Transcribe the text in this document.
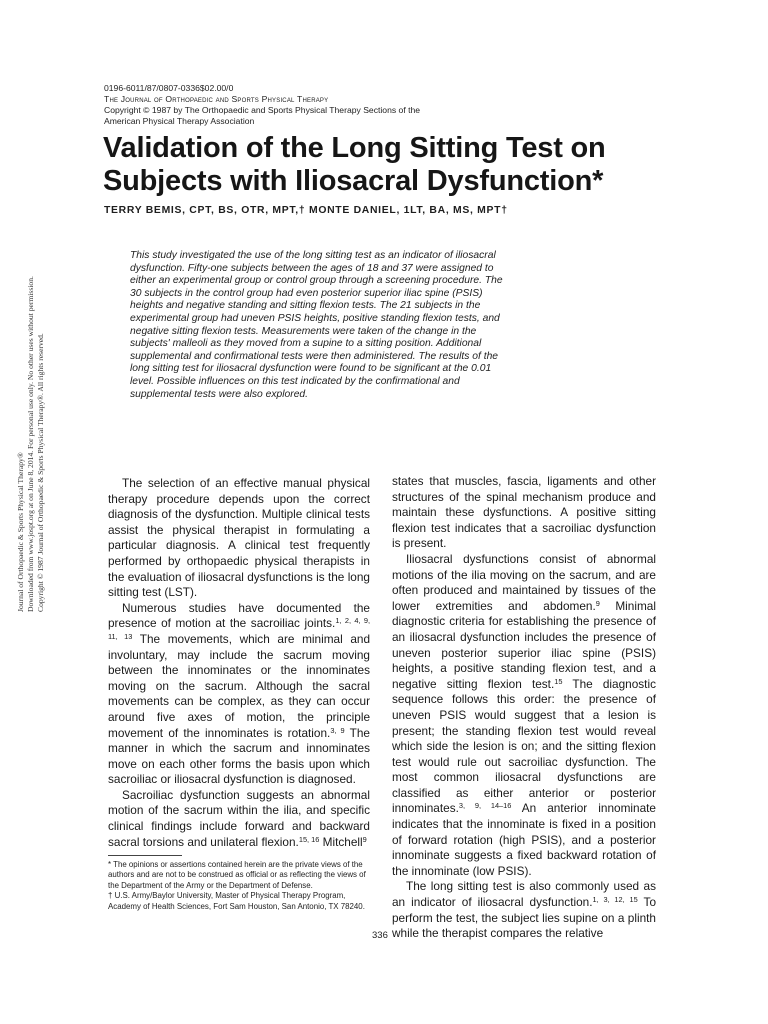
Journal of Orthopaedic & Sports Physical Therapy® Downloaded from www.jospt.org at on June 8, 2014. For personal use only. No other uses without permission. Copyright © 1987 Journal of Orthopaedic & Sports Physical Therapy®. All rights reserved.
0196-6011/87/0807-0336$02.00/0
The Journal of Orthopaedic and Sports Physical Therapy
Copyright © 1987 by The Orthopaedic and Sports Physical Therapy Sections of the
American Physical Therapy Association
Validation of the Long Sitting Test on
Subjects with Iliosacral Dysfunction*
TERRY BEMIS, CPT, BS, OTR, MPT,† MONTE DANIEL, 1LT, BA, MS, MPT†
This study investigated the use of the long sitting test as an indicator of iliosacral dysfunction. Fifty-one subjects between the ages of 18 and 37 were assigned to either an experimental group or control group through a screening procedure. The 30 subjects in the control group had even posterior superior iliac spine (PSIS) heights and negative standing and sitting flexion tests. The 21 subjects in the experimental group had uneven PSIS heights, positive standing flexion tests, and negative sitting flexion tests. Measurements were taken of the change in the subjects' malleoli as they moved from a supine to a sitting position. Additional supplemental and confirmational tests were then administered. The results of the long sitting test for iliosacral dysfunction were found to be significant at the 0.01 level. Possible influences on this test indicated by the confirmational and supplemental tests were also explored.

The selection of an effective manual physical therapy procedure depends upon the correct diagnosis of the dysfunction. Multiple clinical tests assist the physical therapist in formulating a particular diagnosis. A clinical test frequently performed by orthopaedic physical therapists in the evaluation of iliosacral dysfunctions is the long sitting test (LST).

Numerous studies have documented the presence of motion at the sacroiliac joints.$^{1, 2, 4, 9, 11, 13}$ The movements, which are minimal and involuntary, may include the sacrum moving between the innominates or the innominates moving on the sacrum. Although the sacral movements can be complex, as they can occur around five axes of motion, the principle movement of the innominates is rotation.$^{3, 9}$ The manner in which the sacrum and innominates move on each other forms the basis upon which sacroiliac or iliosacral dysfunction is diagnosed.

Sacroiliac dysfunction suggests an abnormal motion of the sacrum within the ilia, and specific clinical findings include forward and backward sacral torsions and unilateral flexion.$^{15, 16}$ Mitchell$^9$

states that muscles, fascia, ligaments and other structures of the spinal mechanism produce and maintain these dysfunctions. A positive sitting flexion test indicates that a sacroiliac dysfunction is present.

Iliosacral dysfunctions consist of abnormal motions of the ilia moving on the sacrum, and are often produced and maintained by tissues of the lower extremities and abdomen.$^9$ Minimal diagnostic criteria for establishing the presence of an iliosacral dysfunction includes the presence of uneven posterior superior iliac spine (PSIS) heights, a positive standing flexion test, and a negative sitting flexion test.$^{15}$ The diagnostic sequence follows this order: the presence of uneven PSIS would suggest that a lesion is present; the standing flexion test would reveal which side the lesion is on; and the sitting flexion test would rule out sacroiliac dysfunction. The most common iliosacral dysfunctions are classified as either anterior or posterior innominates.$^{3, 9, 14-16}$ An anterior innominate indicates that the innominate is fixed in a position of forward rotation (high PSIS), and a posterior innominate suggests a fixed backward rotation of the innominate (low PSIS).

The long sitting test is also commonly used as an indicator of iliosacral dysfunction.$^{1, 3, 12, 15}$ To perform the test, the subject lies supine on a plinth while the therapist compares the relative

* The opinions or assertions contained herein are the private views of the authors and are not to be construed as official or as reflecting the views of the Department of the Army or the Department of Defense.

† U.S. Army/Baylor University, Master of Physical Therapy Program, Academy of Health Sciences, Fort Sam Houston, San Antonio, TX 78240.

336
